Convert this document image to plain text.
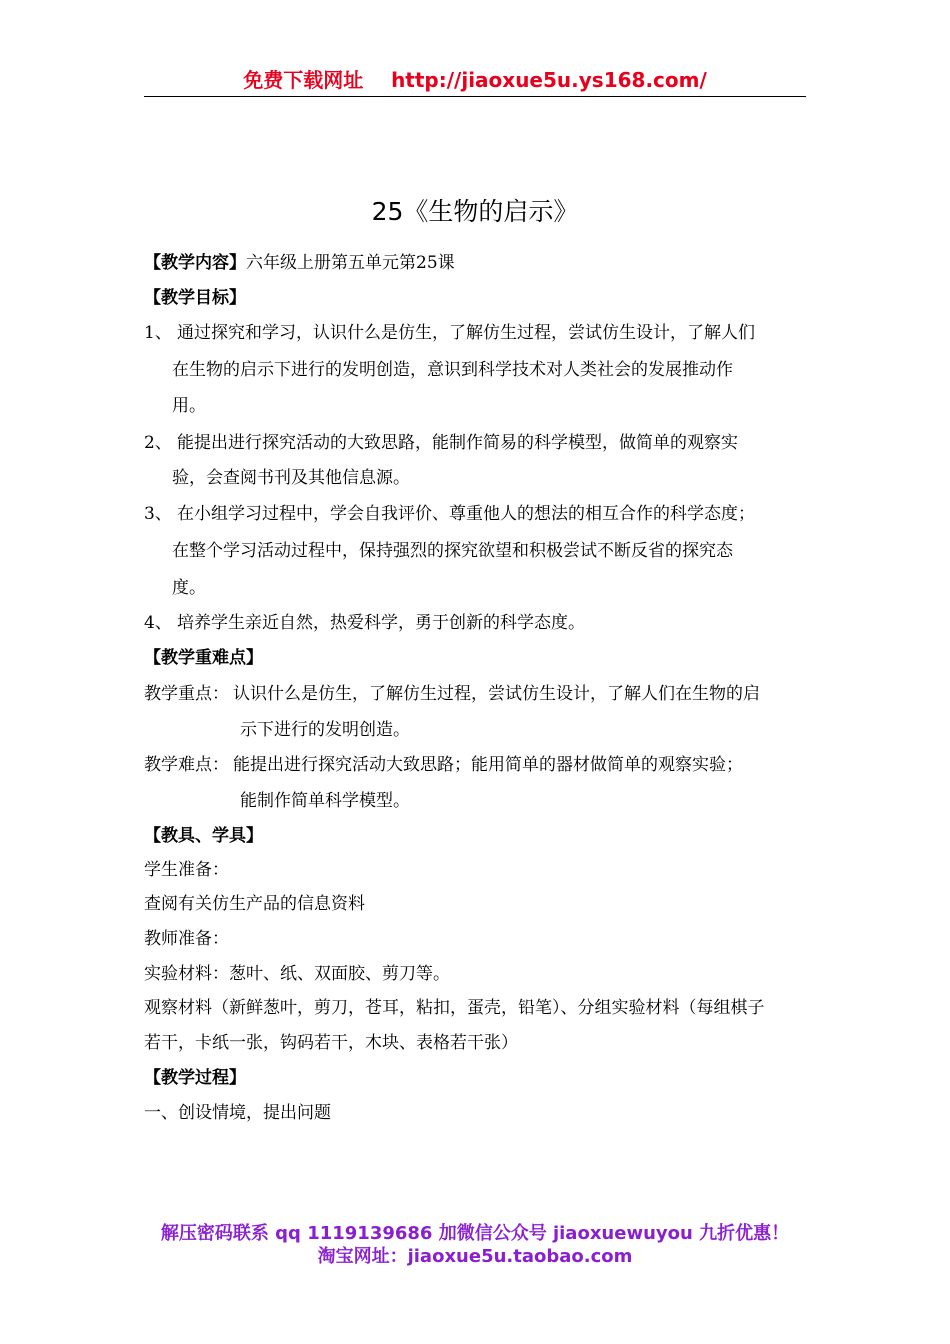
免费下载网址 http://jiaoxue5u.ys168.com/
25《生物的启示》
【教学内容】六年级上册第五单元第25课
【教学目标】
1、 通过探究和学习，认识什么是仿生，了解仿生过程，尝试仿生设计，了解人们
在生物的启示下进行的发明创造，意识到科学技术对人类社会的发展推动作
用。
2、 能提出进行探究活动的大致思路，能制作简易的科学模型，做简单的观察实
验，会查阅书刊及其他信息源。
3、 在小组学习过程中，学会自我评价、尊重他人的想法的相互合作的科学态度；
在整个学习活动过程中，保持强烈的探究欲望和积极尝试不断反省的探究态
度。
4、 培养学生亲近自然，热爱科学，勇于创新的科学态度。
【教学重难点】
教学重点： 认识什么是仿生，了解仿生过程，尝试仿生设计，了解人们在生物的启
示下进行的发明创造。
教学难点： 能提出进行探究活动大致思路；能用简单的器材做简单的观察实验；
能制作简单科学模型。
【教具、学具】
学生准备：
查阅有关仿生产品的信息资料
教师准备：
实验材料：葱叶、纸、双面胶、剪刀等。
观察材料（新鲜葱叶，剪刀，苍耳，粘扣，蛋壳，铅笔）、分组实验材料（每组棋子
若干，卡纸一张，钩码若干，木块、表格若干张）
【教学过程】
一、创设情境，提出问题
解压密码联系 qq 1119139686 加微信公众号 jiaoxuewuyou 九折优惠！
淘宝网址：jiaoxue5u.taobao.com
